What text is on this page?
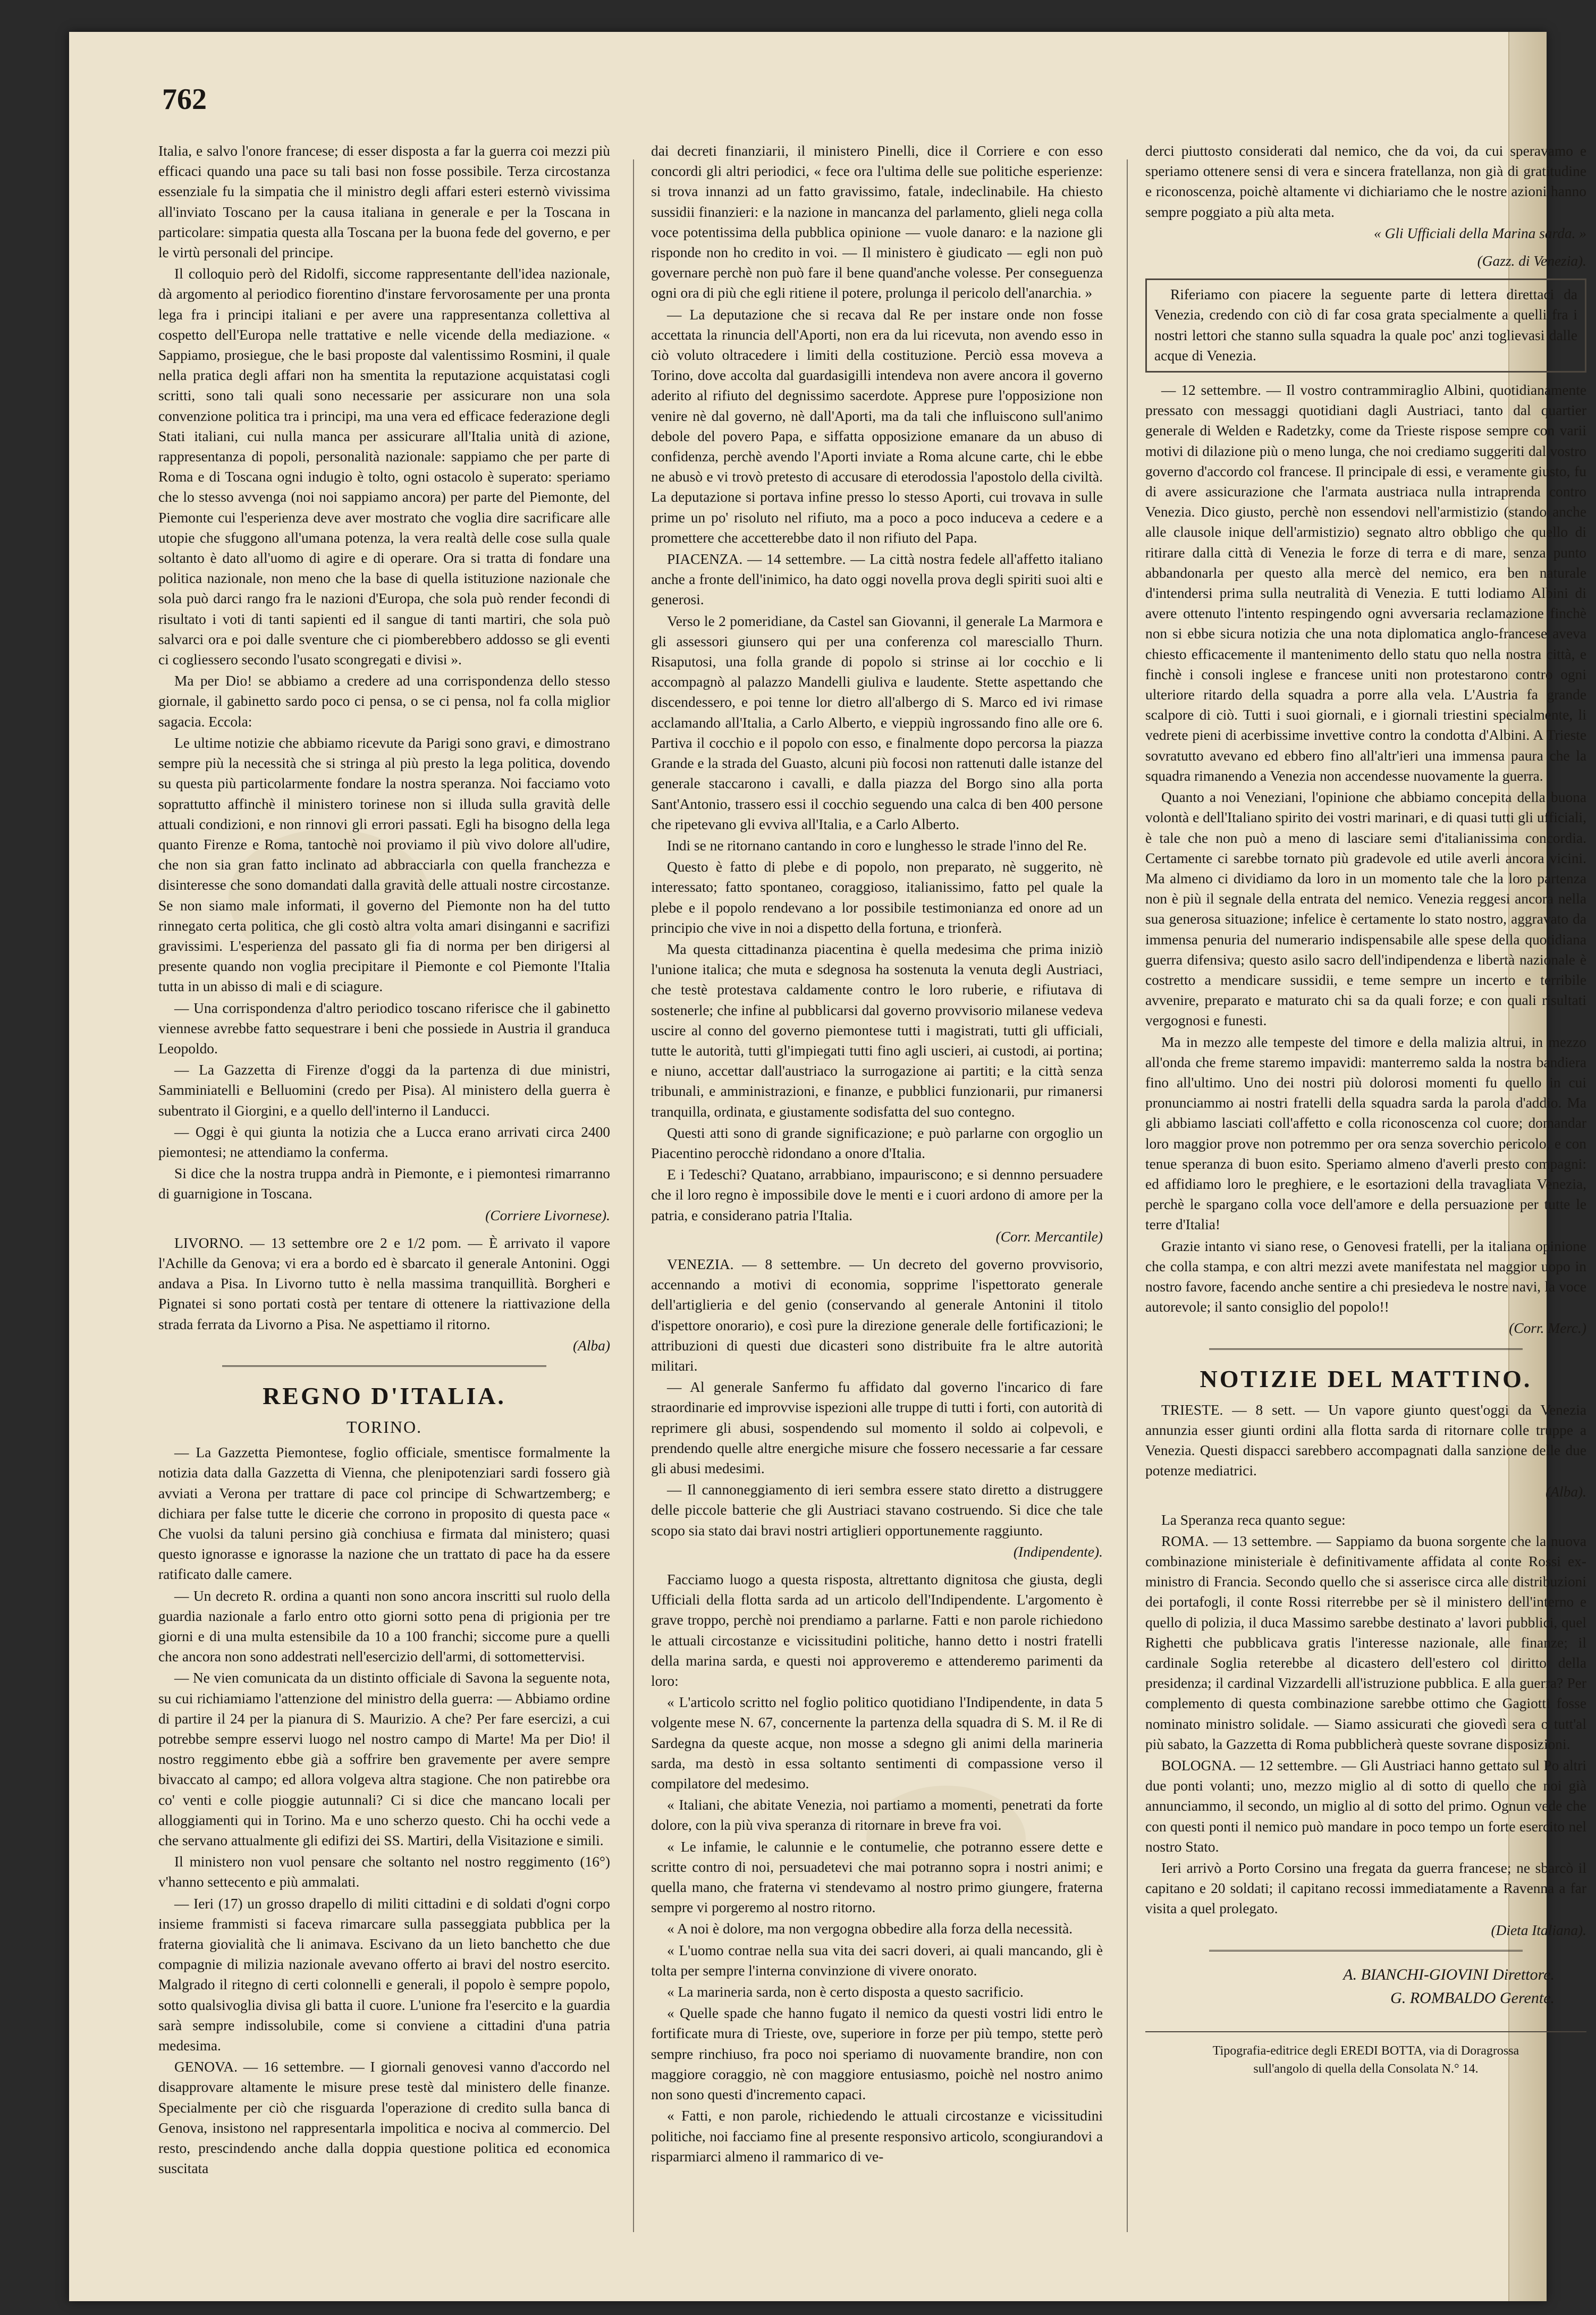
762

Italia, e salvo l'onore francese; di esser disposta a far la guerra coi mezzi più efficaci quando una pace su tali basi non fosse possibile. Terza circostanza essenziale fu la simpatia che il ministro degli affari esteri esternò vivissima all'inviato Toscano per la causa italiana in generale e per la Toscana in particolare: simpatia questa alla Toscana per la buona fede del governo, e per le virtù personali del principe.

Il colloquio però del Ridolfi, siccome rappresentante dell'idea nazionale, dà argomento al periodico fiorentino d'instare fervorosamente per una pronta lega fra i principi italiani e per avere una rappresentanza collettiva al cospetto dell'Europa nelle trattative e nelle vicende della mediazione. « Sappiamo, prosiegue, che le basi proposte dal valentissimo Rosmini, il quale nella pratica degli affari non ha smentita la reputazione acquistatasi cogli scritti, sono tali quali sono necessarie per assicurare non una sola convenzione politica tra i principi, ma una vera ed efficace federazione degli Stati italiani, cui nulla manca per assicurare all'Italia unità di azione, rappresentanza di popoli, personalità nazionale: sappiamo che per parte di Roma e di Toscana ogni indugio è tolto, ogni ostacolo è superato: speriamo che lo stesso avvenga (noi noi sappiamo ancora) per parte del Piemonte, del Piemonte cui l'esperienza deve aver mostrato che voglia dire sacrificare alle utopie che sfuggono all'umana potenza, la vera realtà delle cose sulla quale soltanto è dato all'uomo di agire e di operare. Ora si tratta di fondare una politica nazionale, non meno che la base di quella istituzione nazionale che sola può darci rango fra le nazioni d'Europa, che sola può render fecondi di risultato i voti di tanti sapienti ed il sangue di tanti martiri, che sola può salvarci ora e poi dalle sventure che ci piomberebbero addosso se gli eventi ci cogliessero secondo l'usato scongregati e divisi ».

Ma per Dio! se abbiamo a credere ad una corrispondenza dello stesso giornale, il gabinetto sardo poco ci pensa, o se ci pensa, nol fa colla miglior sagacia. Eccola:

Le ultime notizie che abbiamo ricevute da Parigi sono gravi, e dimostrano sempre più la necessità che si stringa al più presto la lega politica, dovendo su questa più particolarmente fondare la nostra speranza. Noi facciamo voto soprattutto affinchè il ministero torinese non si illuda sulla gravità delle attuali condizioni, e non rinnovi gli errori passati. Egli ha bisogno della lega quanto Firenze e Roma, tantochè noi proviamo il più vivo dolore all'udire, che non sia gran fatto inclinato ad abbracciarla con quella franchezza e disinteresse che sono domandati dalla gravità delle attuali nostre circostanze. Se non siamo male informati, il governo del Piemonte non ha del tutto rinnegato certa politica, che gli costò altra volta amari disinganni e sacrifizi gravissimi. L'esperienza del passato gli fia di norma per ben dirigersi al presente quando non voglia precipitare il Piemonte e col Piemonte l'Italia tutta in un abisso di mali e di sciagure.

— Una corrispondenza d'altro periodico toscano riferisce che il gabinetto viennese avrebbe fatto sequestrare i beni che possiede in Austria il granduca Leopoldo.

— La Gazzetta di Firenze d'oggi da la partenza di due ministri, Samminiatelli e Belluomini (credo per Pisa). Al ministero della guerra è subentrato il Giorgini, e a quello dell'interno il Landucci.

— Oggi è qui giunta la notizia che a Lucca erano arrivati circa 2400 piemontesi; ne attendiamo la conferma.

Si dice che la nostra truppa andrà in Piemonte, e i piemontesi rimarranno di guarnigione in Toscana.

(Corriere Livornese).

LIVORNO. — 13 settembre ore 2 e 1/2 pom. — È arrivato il vapore l'Achille da Genova; vi era a bordo ed è sbarcato il generale Antonini. Oggi andava a Pisa. In Livorno tutto è nella massima tranquillità. Borgheri e Pignatei si sono portati costà per tentare di ottenere la riattivazione della strada ferrata da Livorno a Pisa. Ne aspettiamo il ritorno.

(Alba)
REGNO D'ITALIA.
TORINO.

— La Gazzetta Piemontese, foglio officiale, smentisce formalmente la notizia data dalla Gazzetta di Vienna, che plenipotenziari sardi fossero già avviati a Verona per trattare di pace col principe di Schwartzemberg; e dichiara per false tutte le dicerie che corrono in proposito di questa pace « Che vuolsi da taluni persino già conchiusa e firmata dal ministero; quasi questo ignorasse e ignorasse la nazione che un trattato di pace ha da essere ratificato dalle camere.

— Un decreto R. ordina a quanti non sono ancora inscritti sul ruolo della guardia nazionale a farlo entro otto giorni sotto pena di prigionia per tre giorni e di una multa estensibile da 10 a 100 franchi; siccome pure a quelli che ancora non sono addestrati nell'esercizio dell'armi, di sottomettervisi.

— Ne vien comunicata da un distinto officiale di Savona la seguente nota, su cui richiamiamo l'attenzione del ministro della guerra: — Abbiamo ordine di partire il 24 per la pianura di S. Maurizio. A che? Per fare esercizi, a cui potrebbe sempre esservi luogo nel nostro campo di Marte! Ma per Dio! il nostro reggimento ebbe già a soffrire ben gravemente per avere sempre bivaccato al campo; ed allora volgeva altra stagione. Che non patirebbe ora co' venti e colle pioggie autunnali? Ci si dice che mancano locali per alloggiamenti qui in Torino. Ma e uno scherzo questo. Chi ha occhi vede a che servano attualmente gli edifizi dei SS. Martiri, della Visitazione e simili.

Il ministero non vuol pensare che soltanto nel nostro reggimento (16°) v'hanno settecento e più ammalati.

— Ieri (17) un grosso drapello di militi cittadini e di soldati d'ogni corpo insieme frammisti si faceva rimarcare sulla passeggiata pubblica per la fraterna giovialità che li animava. Escivano da un lieto banchetto che due compagnie di milizia nazionale avevano offerto ai bravi del nostro esercito. Malgrado il ritegno di certi colonnelli e generali, il popolo è sempre popolo, sotto qualsivoglia divisa gli batta il cuore. L'unione fra l'esercito e la guardia sarà sempre indissolubile, come si conviene a cittadini d'una patria medesima.

GENOVA. — 16 settembre. — I giornali genovesi vanno d'accordo nel disapprovare altamente le misure prese testè dal ministero delle finanze. Specialmente per ciò che risguarda l'operazione di credito sulla banca di Genova, insistono nel rappresentarla impolitica e nociva al commercio. Del resto, prescindendo anche dalla doppia questione politica ed economica suscitata

dai decreti finanziarii, il ministero Pinelli, dice il Corriere e con esso concordi gli altri periodici, « fece ora l'ultima delle sue politiche esperienze: si trova innanzi ad un fatto gravissimo, fatale, indeclinabile. Ha chiesto sussidii finanzieri: e la nazione in mancanza del parlamento, glieli nega colla voce potentissima della pubblica opinione — vuole danaro: e la nazione gli risponde non ho credito in voi. — Il ministero è giudicato — egli non può governare perchè non può fare il bene quand'anche volesse. Per conseguenza ogni ora di più che egli ritiene il potere, prolunga il pericolo dell'anarchia. »

— La deputazione che si recava dal Re per instare onde non fosse accettata la rinuncia dell'Aporti, non era da lui ricevuta, non avendo esso in ciò voluto oltracedere i limiti della costituzione. Perciò essa moveva a Torino, dove accolta dal guardasigilli intendeva non avere ancora il governo aderito al rifiuto del degnissimo sacerdote. Apprese pure l'opposizione non venire nè dal governo, nè dall'Aporti, ma da tali che influiscono sull'animo debole del povero Papa, e siffatta opposizione emanare da un abuso di confidenza, perchè avendo l'Aporti inviate a Roma alcune carte, chi le ebbe ne abusò e vi trovò pretesto di accusare di eterodossia l'apostolo della civiltà. La deputazione si portava infine presso lo stesso Aporti, cui trovava in sulle prime un po' risoluto nel rifiuto, ma a poco a poco induceva a cedere e a promettere che accetterebbe dato il non rifiuto del Papa.

PIACENZA. — 14 settembre. — La città nostra fedele all'affetto italiano anche a fronte dell'inimico, ha dato oggi novella prova degli spiriti suoi alti e generosi.

Verso le 2 pomeridiane, da Castel san Giovanni, il generale La Marmora e gli assessori giunsero qui per una conferenza col maresciallo Thurn. Risaputosi, una folla grande di popolo si strinse ai lor cocchio e li accompagnò al palazzo Mandelli giuliva e laudente. Stette aspettando che discendessero, e poi tenne lor dietro all'albergo di S. Marco ed ivi rimase acclamando all'Italia, a Carlo Alberto, e vieppiù ingrossando fino alle ore 6. Partiva il cocchio e il popolo con esso, e finalmente dopo percorsa la piazza Grande e la strada del Guasto, alcuni più focosi non rattenuti dalle istanze del generale staccarono i cavalli, e dalla piazza del Borgo sino alla porta Sant'Antonio, trassero essi il cocchio seguendo una calca di ben 400 persone che ripetevano gli evviva all'Italia, e a Carlo Alberto.

Indi se ne ritornano cantando in coro e lunghesso le strade l'inno del Re.

Questo è fatto di plebe e di popolo, non preparato, nè suggerito, nè interessato; fatto spontaneo, coraggioso, italianissimo, fatto pel quale la plebe e il popolo rendevano a lor possibile testimonianza ed onore ad un principio che vive in noi a dispetto della fortuna, e trionferà.

Ma questa cittadinanza piacentina è quella medesima che prima iniziò l'unione italica; che muta e sdegnosa ha sostenuta la venuta degli Austriaci, che testè protestava caldamente contro le loro ruberie, e rifiutava di sostenerle; che infine al pubblicarsi dal governo provvisorio milanese vedeva uscire al conno del governo piemontese tutti i magistrati, tutti gli ufficiali, tutte le autorità, tutti gl'impiegati tutti fino agli uscieri, ai custodi, ai portina; e niuno, accettar dall'austriaco la surrogazione ai partiti; e la città senza tribunali, e amministrazioni, e finanze, e pubblici funzionarii, pur rimanersi tranquilla, ordinata, e giustamente sodisfatta del suo contegno.

Questi atti sono di grande significazione; e può parlarne con orgoglio un Piacentino perocchè ridondano a onore d'Italia.

E i Tedeschi? Quatano, arrabbiano, impauriscono; e si dennno persuadere che il loro regno è impossibile dove le menti e i cuori ardono di amore per la patria, e considerano patria l'Italia.

(Corr. Mercantile)

VENEZIA. — 8 settembre. — Un decreto del governo provvisorio, accennando a motivi di economia, sopprime l'ispettorato generale dell'artiglieria e del genio (conservando al generale Antonini il titolo d'ispettore onorario), e così pure la direzione generale delle fortificazioni; le attribuzioni di questi due dicasteri sono distribuite fra le altre autorità militari.

— Al generale Sanfermo fu affidato dal governo l'incarico di fare straordinarie ed improvvise ispezioni alle truppe di tutti i forti, con autorità di reprimere gli abusi, sospendendo sul momento il soldo ai colpevoli, e prendendo quelle altre energiche misure che fossero necessarie a far cessare gli abusi medesimi.

— Il cannoneggiamento di ieri sembra essere stato diretto a distruggere delle piccole batterie che gli Austriaci stavano costruendo. Si dice che tale scopo sia stato dai bravi nostri artiglieri opportunemente raggiunto.

(Indipendente).

Facciamo luogo a questa risposta, altrettanto dignitosa che giusta, degli Ufficiali della flotta sarda ad un articolo dell'Indipendente. L'argomento è grave troppo, perchè noi prendiamo a parlarne. Fatti e non parole richiedono le attuali circostanze e vicissitudini politiche, hanno detto i nostri fratelli della marina sarda, e questi noi approveremo e attenderemo parimenti da loro:

« L'articolo scritto nel foglio politico quotidiano l'Indipendente, in data 5 volgente mese N. 67, concernente la partenza della squadra di S. M. il Re di Sardegna da queste acque, non mosse a sdegno gli animi della marineria sarda, ma destò in essa soltanto sentimenti di compassione verso il compilatore del medesimo.

« Italiani, che abitate Venezia, noi partiamo a momenti, penetrati da forte dolore, con la più viva speranza di ritornare in breve fra voi.

« Le infamie, le calunnie e le contumelie, che potranno essere dette e scritte contro di noi, persuadetevi che mai potranno sopra i nostri animi; e quella mano, che fraterna vi stendevamo al nostro primo giungere, fraterna sempre vi porgeremo al nostro ritorno.

« A noi è dolore, ma non vergogna obbedire alla forza della necessità.

« L'uomo contrae nella sua vita dei sacri doveri, ai quali mancando, gli è tolta per sempre l'interna convinzione di vivere onorato.

« La marineria sarda, non è certo disposta a questo sacrificio.

« Quelle spade che hanno fugato il nemico da questi vostri lidi entro le fortificate mura di Trieste, ove, superiore in forze per più tempo, stette però sempre rinchiuso, fra poco noi speriamo di nuovamente brandire, non con maggiore coraggio, nè con maggiore entusiasmo, poichè nel nostro animo non sono questi d'incremento capaci.

« Fatti, e non parole, richiedendo le attuali circostanze e vicissitudini politiche, noi facciamo fine al presente responsivo articolo, scongiurandovi a risparmiarci almeno il rammarico di ve-

derci piuttosto considerati dal nemico, che da voi, da cui speravamo e speriamo ottenere sensi di vera e sincera fratellanza, non già di gratitudine e riconoscenza, poichè altamente vi dichiariamo che le nostre azioni hanno sempre poggiato a più alta meta.

« Gli Ufficiali della Marina sarda. »
(Gazz. di Venezia).

Riferiamo con piacere la seguente parte di lettera direttaci da Venezia, credendo con ciò di far cosa grata specialmente a quelli fra i nostri lettori che stanno sulla squadra la quale poc' anzi toglievasi dalle acque di Venezia.

— 12 settembre. — Il vostro contrammiraglio Albini, quotidianamente pressato con messaggi quotidiani dagli Austriaci, tanto dal quartier generale di Welden e Radetzky, come da Trieste rispose sempre con varii motivi di dilazione più o meno lunga, che noi crediamo suggeriti dal vostro governo d'accordo col francese. Il principale di essi, e veramente giusto, fu di avere assicurazione che l'armata austriaca nulla intraprenda contro Venezia. Dico giusto, perchè non essendovi nell'armistizio (stando anche alle clausole inique dell'armistizio) segnato altro obbligo che quello di ritirare dalla città di Venezia le forze di terra e di mare, senza punto abbandonarla per questo alla mercè del nemico, era ben naturale d'intendersi prima sulla neutralità di Venezia. E tutti lodiamo Albini di avere ottenuto l'intento respingendo ogni avversaria reclamazione finchè non si ebbe sicura notizia che una nota diplomatica anglo-francese aveva chiesto efficacemente il mantenimento dello statu quo nella nostra città, e finchè i consoli inglese e francese uniti non protestarono contro ogni ulteriore ritardo della squadra a porre alla vela. L'Austria fa grande scalpore di ciò. Tutti i suoi giornali, e i giornali triestini specialmente, li vedrete pieni di acerbissime invettive contro la condotta d'Albini. A Trieste sovratutto avevano ed ebbero fino all'altr'ieri una immensa paura che la squadra rimanendo a Venezia non accendesse nuovamente la guerra.

Quanto a noi Veneziani, l'opinione che abbiamo concepita della buona volontà e dell'Italiano spirito dei vostri marinari, e di quasi tutti gli ufficiali, è tale che non può a meno di lasciare semi d'italianissima concordia. Certamente ci sarebbe tornato più gradevole ed utile averli ancora vicini. Ma almeno ci dividiamo da loro in un momento tale che la loro partenza non è più il segnale della entrata del nemico. Venezia reggesi ancora nella sua generosa situazione; infelice è certamente lo stato nostro, aggravato da immensa penuria del numerario indispensabile alle spese della quotidiana guerra difensiva; questo asilo sacro dell'indipendenza e libertà nazionale è costretto a mendicare sussidii, e teme sempre un incerto e terribile avvenire, preparato e maturato chi sa da quali forze; e con quali risultati vergognosi e funesti.

Ma in mezzo alle tempeste del timore e della malizia altrui, in mezzo all'onda che freme staremo impavidi: manterremo salda la nostra bandiera fino all'ultimo. Uno dei nostri più dolorosi momenti fu quello in cui pronunciammo ai nostri fratelli della squadra sarda la parola d'addio. Ma gli abbiamo lasciati coll'affetto e colla riconoscenza col cuore; domandar loro maggior prove non potremmo per ora senza soverchio pericolo, e con tenue speranza di buon esito. Speriamo almeno d'averli presto compagni: ed affidiamo loro le preghiere, e le esortazioni della travagliata Venezia, perchè le spargano colla voce dell'amore e della persuazione per tutte le terre d'Italia!

Grazie intanto vi siano rese, o Genovesi fratelli, per la italiana opinione che colla stampa, e con altri mezzi avete manifestata nel maggior uopo in nostro favore, facendo anche sentire a chi presiedeva le nostre navi, la voce autorevole; il santo consiglio del popolo!!

(Corr. Merc.)
NOTIZIE DEL MATTINO.

TRIESTE. — 8 sett. — Un vapore giunto quest'oggi da Venezia annunzia esser giunti ordini alla flotta sarda di ritornare colle truppe a Venezia. Questi dispacci sarebbero accompagnati dalla sanzione delle due potenze mediatrici.

(Alba).

La Speranza reca quanto segue:

ROMA. — 13 settembre. — Sappiamo da buona sorgente che la nuova combinazione ministeriale è definitivamente affidata al conte Rossi ex-ministro di Francia. Secondo quello che si asserisce circa alle distribuzioni dei portafogli, il conte Rossi riterrebbe per sè il ministero dell'interno e quello di polizia, il duca Massimo sarebbe destinato a' lavori pubblici, quel Righetti che pubblicava gratis l'interesse nazionale, alle finanze; il cardinale Soglia reterebbe al dicastero dell'estero col diritto della presidenza; il cardinal Vizzardelli all'istruzione pubblica. E alla guerra? Per complemento di questa combinazione sarebbe ottimo che Gagiotti fosse nominato ministro solidale. — Siamo assicurati che giovedì sera o tutt'al più sabato, la Gazzetta di Roma pubblicherà queste sovrane disposizioni.

BOLOGNA. — 12 settembre. — Gli Austriaci hanno gettato sul Po altri due ponti volanti; uno, mezzo miglio al di sotto di quello che noi già annunciammo, il secondo, un miglio al di sotto del primo. Ognun vede che con questi ponti il nemico può mandare in poco tempo un forte esercito nel nostro Stato.

Ieri arrivò a Porto Corsino una fregata da guerra francese; ne sbarcò il capitano e 20 soldati; il capitano recossi immediatamente a Ravenna a far visita a quel prolegato.

(Dieta Italiana).
A. BIANCHI-GIOVINI Direttore.
G. ROMBALDO Gerente.
Tipografia-editrice degli EREDI BOTTA, via di Doragrossa
sull'angolo di quella della Consolata N.° 14.
